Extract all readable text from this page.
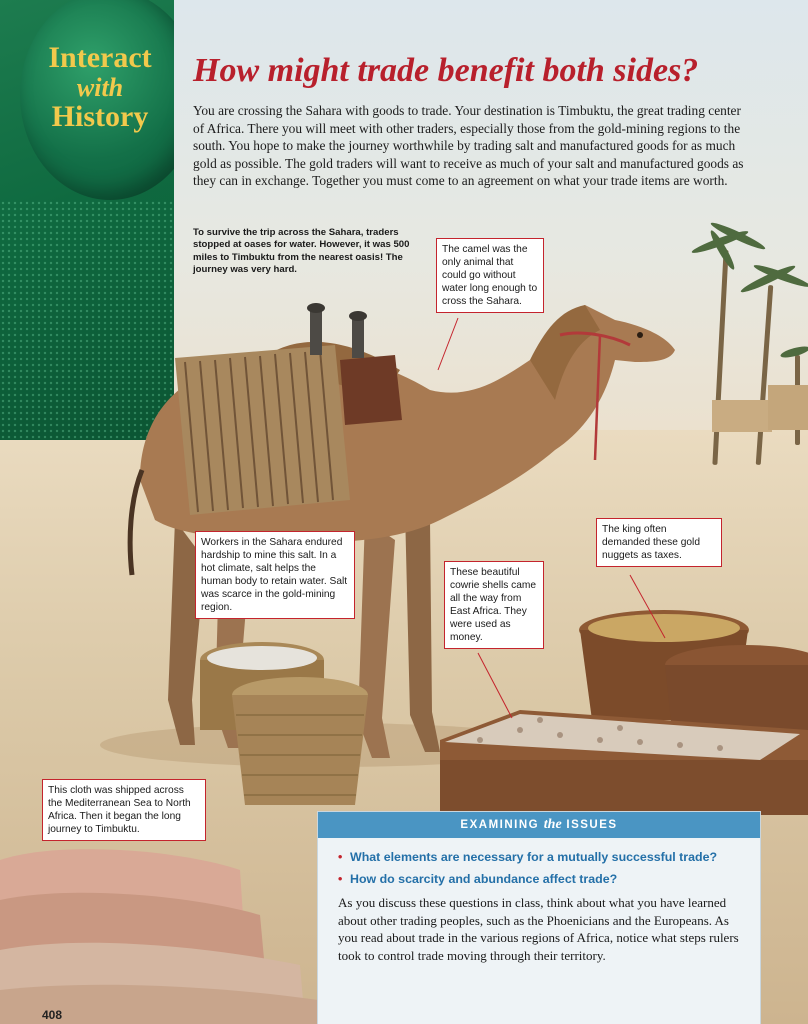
Interact
with
History
How might trade benefit both sides?

You are crossing the Sahara with goods to trade. Your destination is Timbuktu, the great trading center of Africa. There you will meet with other traders, especially those from the gold-mining regions to the south. You hope to make the journey worthwhile by trading salt and manufactured goods for as much gold as possible. The gold traders will want to receive as much of your salt and manufactured goods as they can in exchange. Together you must come to an agreement on what your trade items are worth.

To survive the trip across the Sahara, traders stopped at oases for water. However, it was 500 miles to Timbuktu from the nearest oasis! The journey was very hard.

The camel was the only animal that could go without water long enough to cross the Sahara.
Workers in the Sahara endured hardship to mine this salt. In a hot climate, salt helps the human body to retain water. Salt was scarce in the gold-mining region.
These beautiful cowrie shells came all the way from East Africa. They were used as money.
The king often demanded these gold nuggets as taxes.
This cloth was shipped across the Mediterranean Sea to North Africa. Then it began the long journey to Timbuktu.	EXAMINING the ISSUES
• What elements are necessary for a mutually successful trade?
• How do scarcity and abundance affect trade?

As you discuss these questions in class, think about what you have learned about other trading peoples, such as the Phoenicians and the Europeans. As you read about trade in the various regions of Africa, notice what steps rulers took to control trade moving through their territory.

408
